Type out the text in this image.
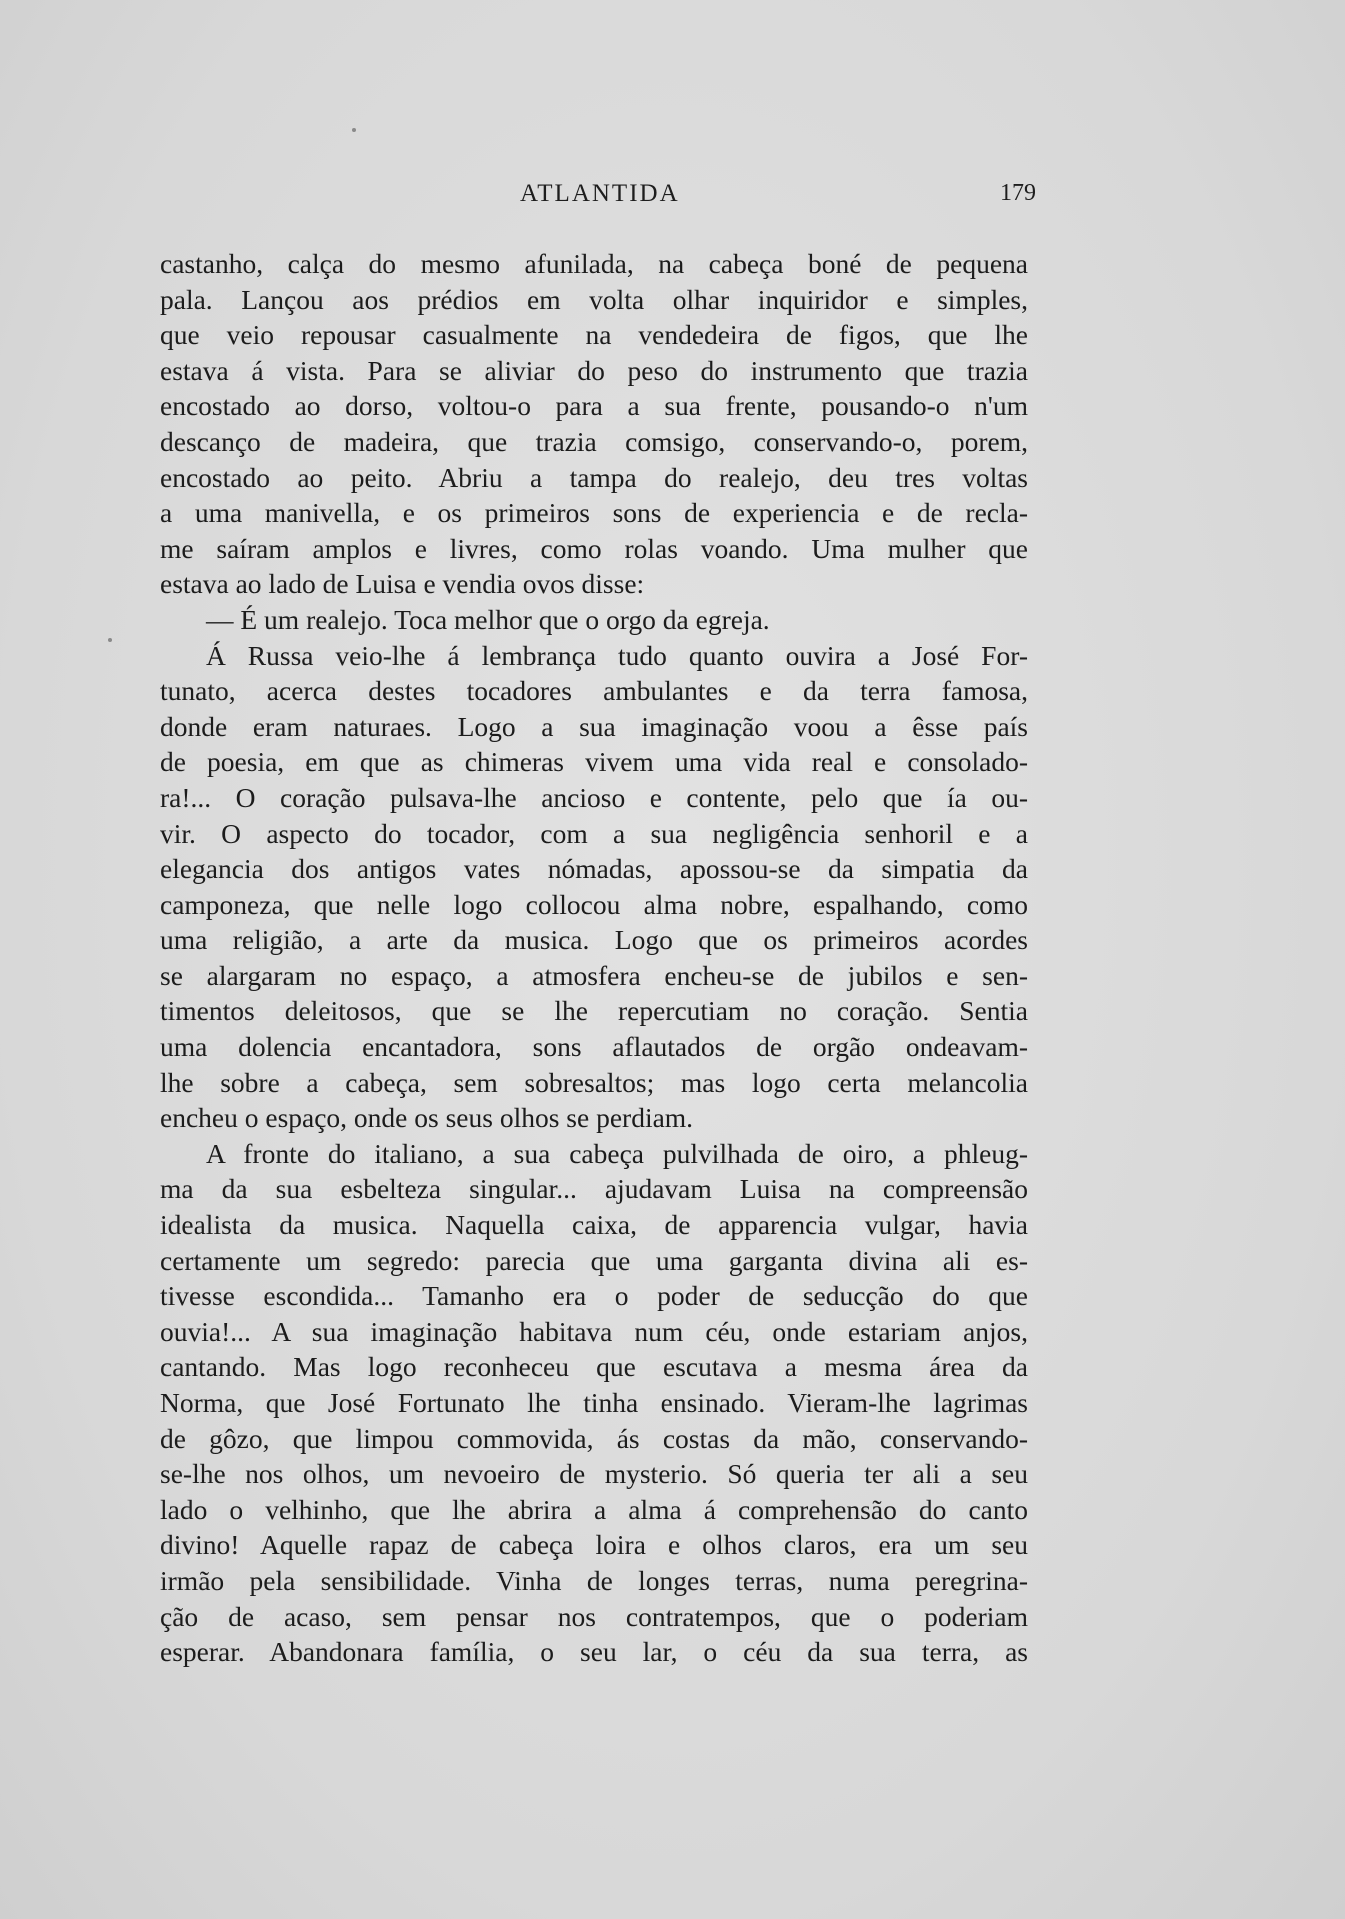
ATLANTIDA	179
castanho, calça do mesmo afunilada, na cabeça boné de pequena
pala. Lançou aos prédios em volta olhar inquiridor e simples,
que veio repousar casualmente na vendedeira de figos, que lhe
estava á vista. Para se aliviar do peso do instrumento que trazia
encostado ao dorso, voltou-o para a sua frente, pousando-o n'um
descanço de madeira, que trazia comsigo, conservando-o, porem,
encostado ao peito. Abriu a tampa do realejo, deu tres voltas
a uma manivella, e os primeiros sons de experiencia e de recla-
me saíram amplos e livres, como rolas voando. Uma mulher que
estava ao lado de Luisa e vendia ovos disse:
— É um realejo. Toca melhor que o orgo da egreja.
Á Russa veio-lhe á lembrança tudo quanto ouvira a José For-
tunato, acerca destes tocadores ambulantes e da terra famosa,
donde eram naturaes. Logo a sua imaginação voou a êsse país
de poesia, em que as chimeras vivem uma vida real e consolado-
ra!... O coração pulsava-lhe ancioso e contente, pelo que ía ou-
vir. O aspecto do tocador, com a sua negligência senhoril e a
elegancia dos antigos vates nómadas, apossou-se da simpatia da
camponeza, que nelle logo collocou alma nobre, espalhando, como
uma religião, a arte da musica. Logo que os primeiros acordes
se alargaram no espaço, a atmosfera encheu-se de jubilos e sen-
timentos deleitosos, que se lhe repercutiam no coração. Sentia
uma dolencia encantadora, sons aflautados de orgão ondeavam-
lhe sobre a cabeça, sem sobresaltos; mas logo certa melancolia
encheu o espaço, onde os seus olhos se perdiam.
A fronte do italiano, a sua cabeça pulvilhada de oiro, a phleug-
ma da sua esbelteza singular... ajudavam Luisa na compreensão
idealista da musica. Naquella caixa, de apparencia vulgar, havia
certamente um segredo: parecia que uma garganta divina ali es-
tivesse escondida... Tamanho era o poder de seducção do que
ouvia!... A sua imaginação habitava num céu, onde estariam anjos,
cantando. Mas logo reconheceu que escutava a mesma área da
Norma, que José Fortunato lhe tinha ensinado. Vieram-lhe lagrimas
de gôzo, que limpou commovida, ás costas da mão, conservando-
se-lhe nos olhos, um nevoeiro de mysterio. Só queria ter ali a seu
lado o velhinho, que lhe abrira a alma á comprehensão do canto
divino! Aquelle rapaz de cabeça loira e olhos claros, era um seu
irmão pela sensibilidade. Vinha de longes terras, numa peregrina-
ção de acaso, sem pensar nos contratempos, que o poderiam
esperar. Abandonara família, o seu lar, o céu da sua terra, as
